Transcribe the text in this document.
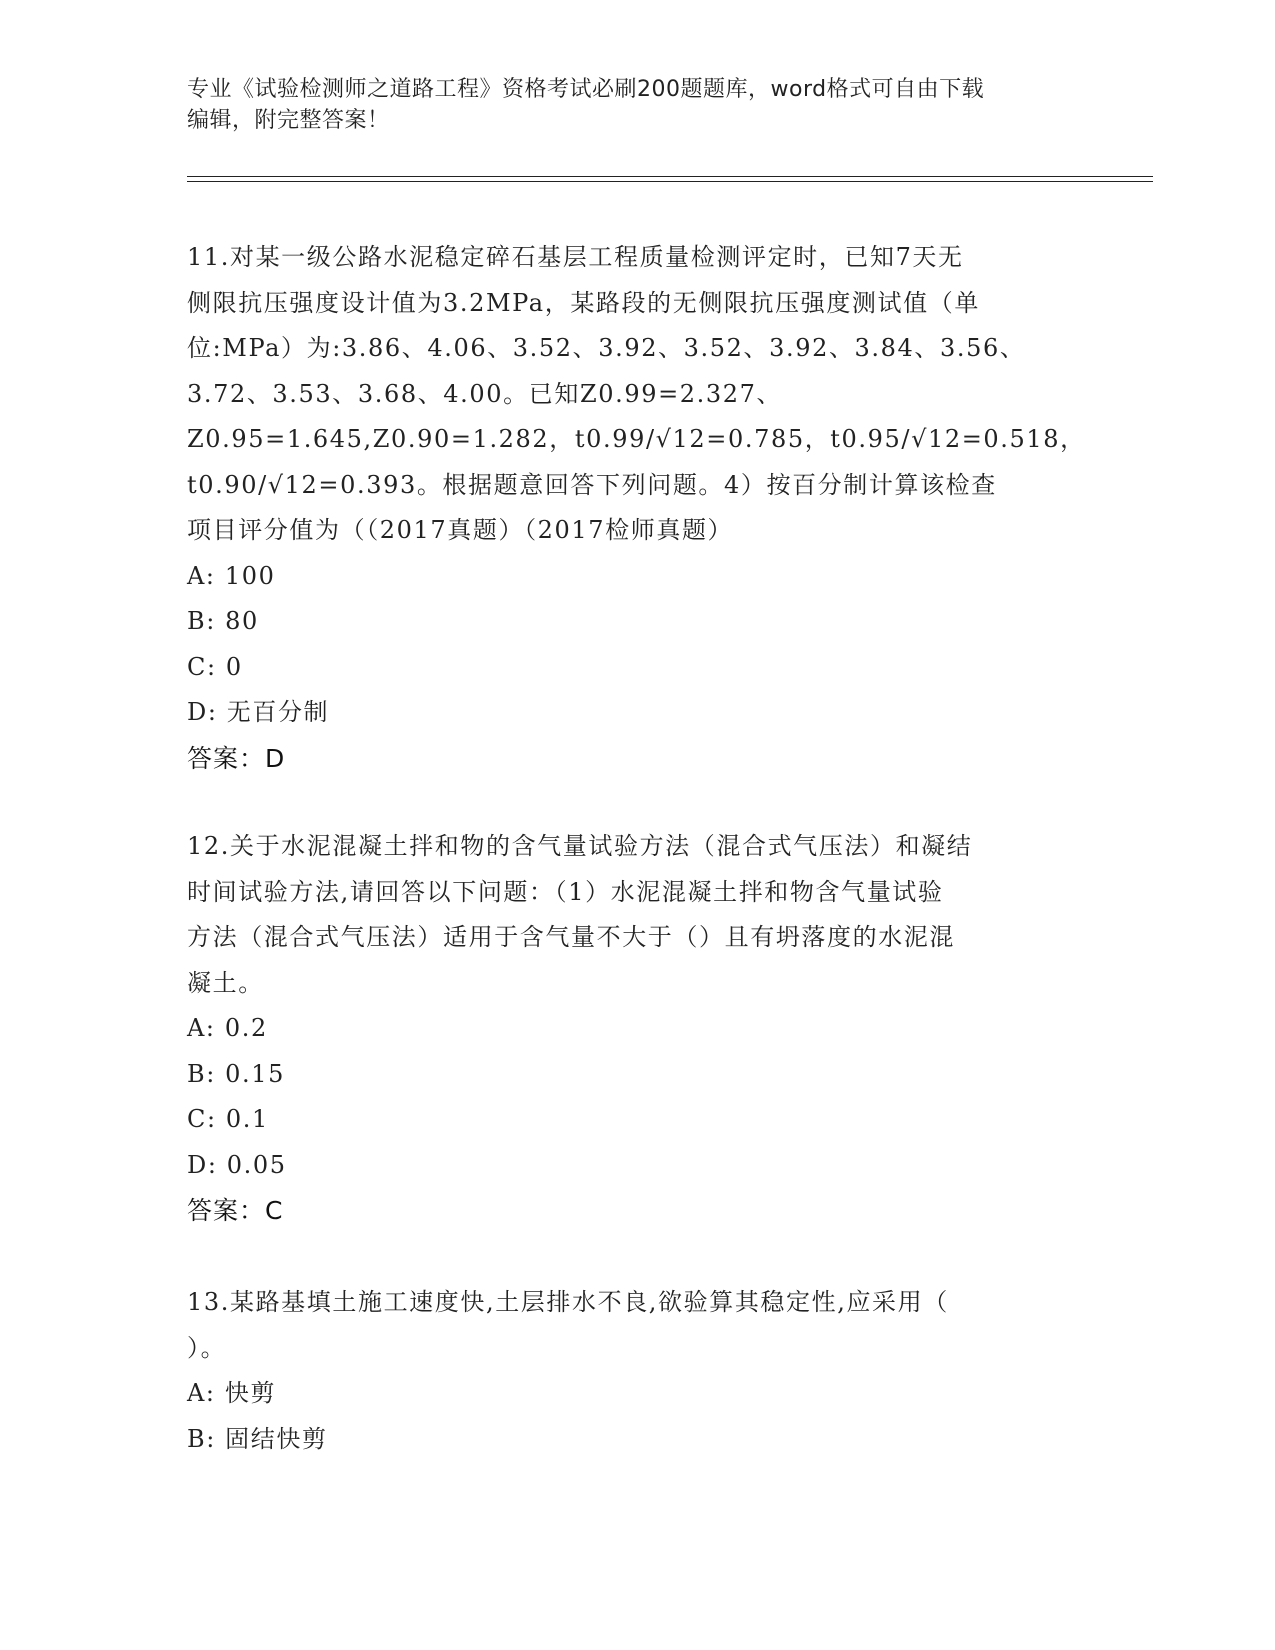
专业《试验检测师之道路工程》资格考试必刷200题题库，word格式可自由下载
编辑，附完整答案！
11.对某一级公路水泥稳定碎石基层工程质量检测评定时，已知7天无
侧限抗压强度设计值为3.2MPa，某路段的无侧限抗压强度测试值（单
位:MPa）为:3.86、4.06、3.52、3.92、3.52、3.92、3.84、3.56、
3.72、3.53、3.68、4.00。已知Z0.99=2.327、
Z0.95=1.645,Z0.90=1.282，t0.99/√12=0.785，t0.95/√12=0.518，
t0.90/√12=0.393。根据题意回答下列问题。4）按百分制计算该检查
项目评分值为（（2017真题）（2017检师真题）
A: 100
B: 80
C: 0
D: 无百分制
答案：D
12.关于水泥混凝土拌和物的含气量试验方法（混合式气压法）和凝结
时间试验方法,请回答以下问题：（1）水泥混凝土拌和物含气量试验
方法（混合式气压法）适用于含气量不大于（）且有坍落度的水泥混
凝土。
A: 0.2
B: 0.15
C: 0.1
D: 0.05
答案：C
13.某路基填土施工速度快,土层排水不良,欲验算其稳定性,应采用（
）。
A: 快剪
B: 固结快剪
